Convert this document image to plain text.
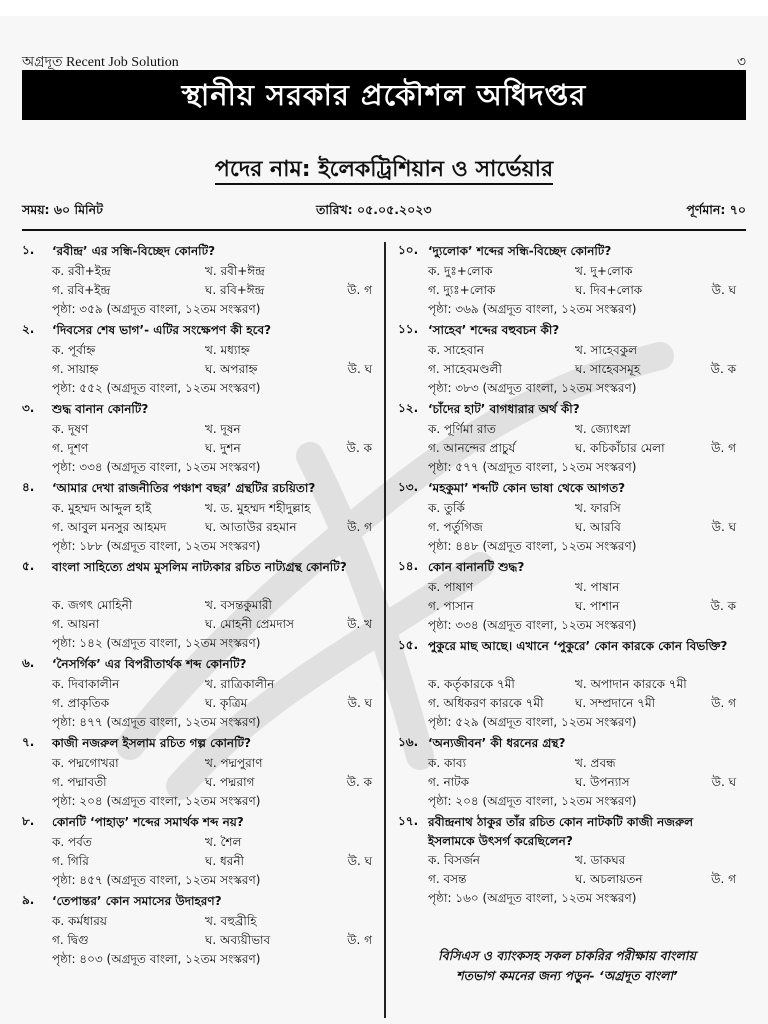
অগ্রদূত Recent Job Solution	৩
স্থানীয় সরকার প্রকৌশল অধিদপ্তর
পদের নাম: ইলেকট্রিশিয়ান ও সার্ভেয়ার
সময়: ৬০ মিনিট	তারিখ: ০৫.০৫.২০২৩	পূর্ণমান: ৭০
১.	‘রবীন্দ্র’ এর সন্ধি-বিচ্ছেদ কোনটি?
ক. রবী+ইন্দ্র	খ. রবী+ঈন্দ্র
গ. রবি+ইন্দ্র	ঘ. রবি+ঈন্দ্র	উ. গ
পৃষ্ঠা: ৩৫৯ (অগ্রদূত বাংলা, ১২তম সংস্করণ)
২.	‘দিবসের শেষ ভাগ’- এটির সংক্ষেপণ কী হবে?
ক. পূর্বাহ্ন	খ. মধ্যাহ্ন
গ. সায়াহ্ন	ঘ. অপরাহ্ন	উ. ঘ
পৃষ্ঠা: ৫৫২ (অগ্রদূত বাংলা, ১২তম সংস্করণ)
৩.	শুদ্ধ বানান কোনটি?
ক. দূষণ	খ. দূষন
গ. দূশণ	ঘ. দুশন	উ. ক
পৃষ্ঠা: ৩৩৪ (অগ্রদূত বাংলা, ১২তম সংস্করণ)
৪.	‘আমার দেখা রাজনীতির পঞ্চাশ বছর’ গ্রন্থটির রচয়িতা?
ক. মুহম্মদ আব্দুল হাই	খ. ড. মুহম্মদ শহীদুল্লাহ
গ. আবুল মনসুর আহমদ	ঘ. আতাউর রহমান	উ. গ
পৃষ্ঠা: ১৮৮ (অগ্রদূত বাংলা, ১২তম সংস্করণ)
৫.	বাংলা সাহিত্যে প্রথম মুসলিম নাট্যকার রচিত নাট্যগ্রন্থ কোনটি?
ক. জগৎ মোহিনী	খ. বসন্তকুমারী
গ. আয়না	ঘ. মোহনী প্রেমদাস	উ. খ
পৃষ্ঠা: ১৪২ (অগ্রদূত বাংলা, ১২তম সংস্করণ)
৬.	‘নৈসর্গিক’ এর বিপরীতার্থক শব্দ কোনটি?
ক. দিবাকালীন	খ. রাত্রিকালীন
গ. প্রাকৃতিক	ঘ. কৃত্রিম	উ. ঘ
পৃষ্ঠা: ৪৭৭ (অগ্রদূত বাংলা, ১২তম সংস্করণ)
৭.	কাজী নজরুল ইসলাম রচিত গল্প কোনটি?
ক. পদ্মগোখরা	খ. পদ্মপুরাণ
গ. পদ্মাবতী	ঘ. পদ্মরাগ	উ. ক
পৃষ্ঠা: ২০৪ (অগ্রদূত বাংলা, ১২তম সংস্করণ)
৮.	কোনটি ‘পাহাড়’ শব্দের সমার্থক শব্দ নয়?
ক. পর্বত	খ. শৈল
গ. গিরি	ঘ. ধরনী	উ. ঘ
পৃষ্ঠা: ৪৫৭ (অগ্রদূত বাংলা, ১২তম সংস্করণ)
৯.	‘তেপান্তর’ কোন সমাসের উদাহরণ?
ক. কর্মধারয়	খ. বহুব্রীহি
গ. দ্বিগু	ঘ. অব্যয়ীভাব	উ. গ
পৃষ্ঠা: ৪০৩ (অগ্রদূত বাংলা, ১২তম সংস্করণ)
১০. ‘দ্যুলোক’ শব্দের সন্ধি-বিচ্ছেদ কোনটি?
ক. দুঃ+লোক	খ. দু+লোক
গ. দ্যুঃ+লোক	ঘ. দিব+লোক	উ. ঘ
পৃষ্ঠা: ৩৬৯ (অগ্রদূত বাংলা, ১২তম সংস্করণ)
১১. ‘সাহেব’ শব্দের বহুবচন কী?
ক. সাহেবান	খ. সাহেবকুল
গ. সাহেবমণ্ডলী	ঘ. সাহেবসমূহ	উ. ক
পৃষ্ঠা: ৩৮৩ (অগ্রদূত বাংলা, ১২তম সংস্করণ)
১২. ‘চাঁদের হাট’ বাগধারার অর্থ কী?
ক. পূর্ণিমা রাত	খ. জ্যোৎস্না
গ. আনন্দের প্রাচুর্য	ঘ. কচিকাঁচার মেলা	উ. গ
পৃষ্ঠা: ৫৭৭ (অগ্রদূত বাংলা, ১২তম সংস্করণ)
১৩. ‘মহকুমা’ শব্দটি কোন ভাষা থেকে আগত?
ক. তুর্কি	খ. ফারসি
গ. পর্তুগিজ	ঘ. আরবি	উ. ঘ
পৃষ্ঠা: ৪৪৮ (অগ্রদূত বাংলা, ১২তম সংস্করণ)
১৪. কোন বানানটি শুদ্ধ?
ক. পাষাণ	খ. পাষান
গ. পাসান	ঘ. পাশান	উ. ক
পৃষ্ঠা: ৩৩৪ (অগ্রদূত বাংলা, ১২তম সংস্করণ)
১৫. পুকুরে মাছ আছে। এখানে ‘পুকুরে’ কোন কারকে কোন বিভক্তি?
ক. কর্তৃকারকে ৭মী	খ. অপাদান কারকে ৭মী
গ. অধিকরণ কারকে ৭মী	ঘ. সম্প্রদানে ৭মী	উ. গ
পৃষ্ঠা: ৫২৯ (অগ্রদূত বাংলা, ১২তম সংস্করণ)
১৬. ‘অন্যজীবন’ কী ধরনের গ্রন্থ?
ক. কাব্য	খ. প্রবন্ধ
গ. নাটক	ঘ. উপন্যাস	উ. ঘ
পৃষ্ঠা: ২০৪ (অগ্রদূত বাংলা, ১২তম সংস্করণ)
১৭. রবীন্দ্রনাথ ঠাকুর তাঁর রচিত কোন নাটকটি কাজী নজরুল ইসলামকে উৎসর্গ করেছিলেন?
ক. বিসর্জন	খ. ডাকঘর
গ. বসন্ত	ঘ. অচলায়তন	উ. গ
পৃষ্ঠা: ১৬০ (অগ্রদূত বাংলা, ১২তম সংস্করণ)
বিসিএস ও ব্যাংকসহ সকল চাকরির পরীক্ষায় বাংলায়
শতভাগ কমনের জন্য পড়ুন- ‘অগ্রদূত বাংলা’
